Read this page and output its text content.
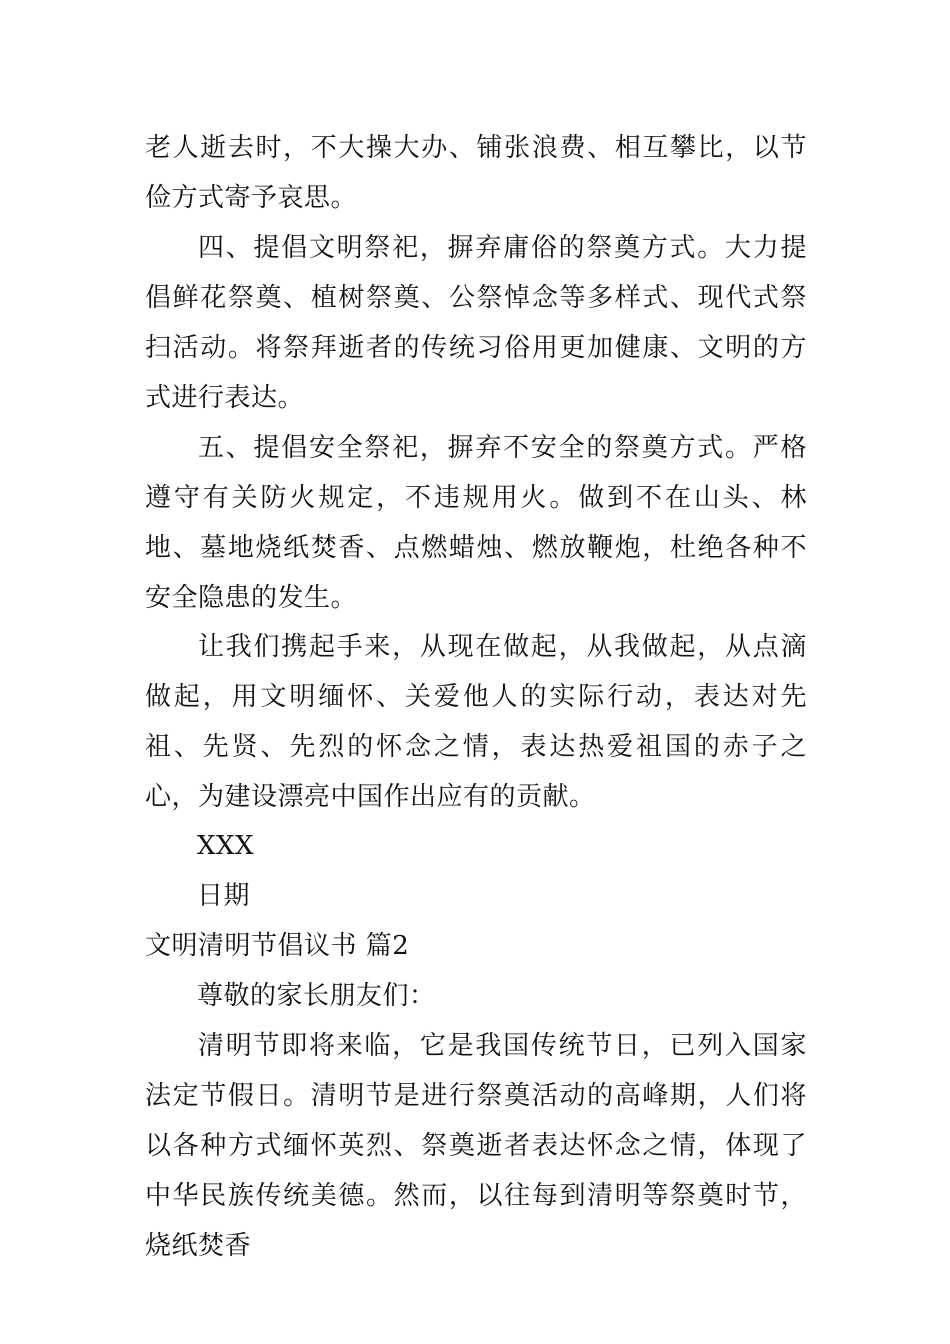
老人逝去时，不大操大办、铺张浪费、相互攀比，以节俭方式寄予哀思。

四、提倡文明祭祀，摒弃庸俗的祭奠方式。大力提倡鲜花祭奠、植树祭奠、公祭悼念等多样式、现代式祭扫活动。将祭拜逝者的传统习俗用更加健康、文明的方式进行表达。

五、提倡安全祭祀，摒弃不安全的祭奠方式。严格遵守有关防火规定，不违规用火。做到不在山头、林地、墓地烧纸焚香、点燃蜡烛、燃放鞭炮，杜绝各种不安全隐患的发生。

让我们携起手来，从现在做起，从我做起，从点滴做起，用文明缅怀、关爱他人的实际行动，表达对先祖、先贤、先烈的怀念之情，表达热爱祖国的赤子之心，为建设漂亮中国作出应有的贡献。

XXX

日期

文明清明节倡议书 篇2

尊敬的家长朋友们：

清明节即将来临，它是我国传统节日，已列入国家法定节假日。清明节是进行祭奠活动的高峰期，人们将以各种方式缅怀英烈、祭奠逝者表达怀念之情，体现了中华民族传统美德。然而，以往每到清明等祭奠时节，烧纸焚香
